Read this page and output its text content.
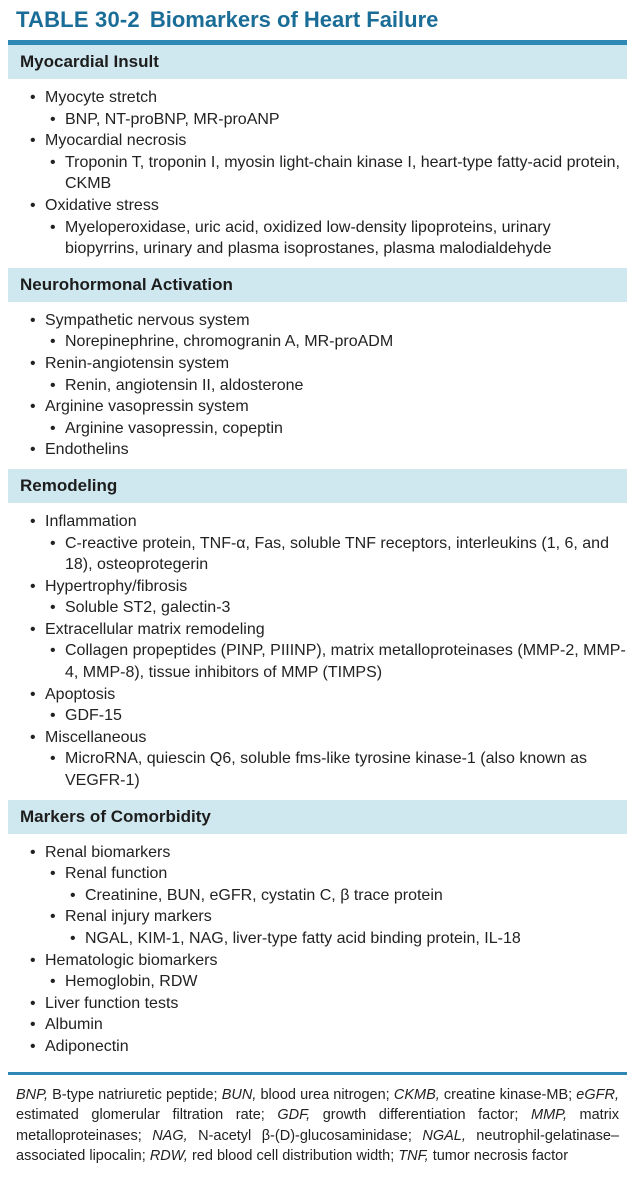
TABLE 30-2 Biomarkers of Heart Failure
Myocardial Insult
• Myocyte stretch
• BNP, NT-proBNP, MR-proANP
• Myocardial necrosis
• Troponin T, troponin I, myosin light-chain kinase I, heart-type fatty-acid protein, CKMB
• Oxidative stress
• Myeloperoxidase, uric acid, oxidized low-density lipoproteins, urinary biopyrrins, urinary and plasma isoprostanes, plasma malodialdehyde
Neurohormonal Activation
• Sympathetic nervous system
• Norepinephrine, chromogranin A, MR-proADM
• Renin-angiotensin system
• Renin, angiotensin II, aldosterone
• Arginine vasopressin system
• Arginine vasopressin, copeptin
• Endothelins
Remodeling
• Inflammation
• C-reactive protein, TNF-α, Fas, soluble TNF receptors, interleukins (1, 6, and 18), osteoprotegerin
• Hypertrophy/fibrosis
• Soluble ST2, galectin-3
• Extracellular matrix remodeling
• Collagen propeptides (PINP, PIIINP), matrix metalloproteinases (MMP-2, MMP-4, MMP-8), tissue inhibitors of MMP (TIMPS)
• Apoptosis
• GDF-15
• Miscellaneous
• MicroRNA, quiescin Q6, soluble fms-like tyrosine kinase-1 (also known as VEGFR-1)
Markers of Comorbidity
• Renal biomarkers
• Renal function
• Creatinine, BUN, eGFR, cystatin C, β trace protein
• Renal injury markers
• NGAL, KIM-1, NAG, liver-type fatty acid binding protein, IL-18
• Hematologic biomarkers
• Hemoglobin, RDW
• Liver function tests
• Albumin
• Adiponectin
BNP, B-type natriuretic peptide; BUN, blood urea nitrogen; CKMB, creatine kinase-MB; eGFR, estimated glomerular filtration rate; GDF, growth differentiation factor; MMP, matrix metalloproteinases; NAG, N-acetyl β-(D)-glucosaminidase; NGAL, neutrophil-gelatinase–associated lipocalin; RDW, red blood cell distribution width; TNF, tumor necrosis factor
